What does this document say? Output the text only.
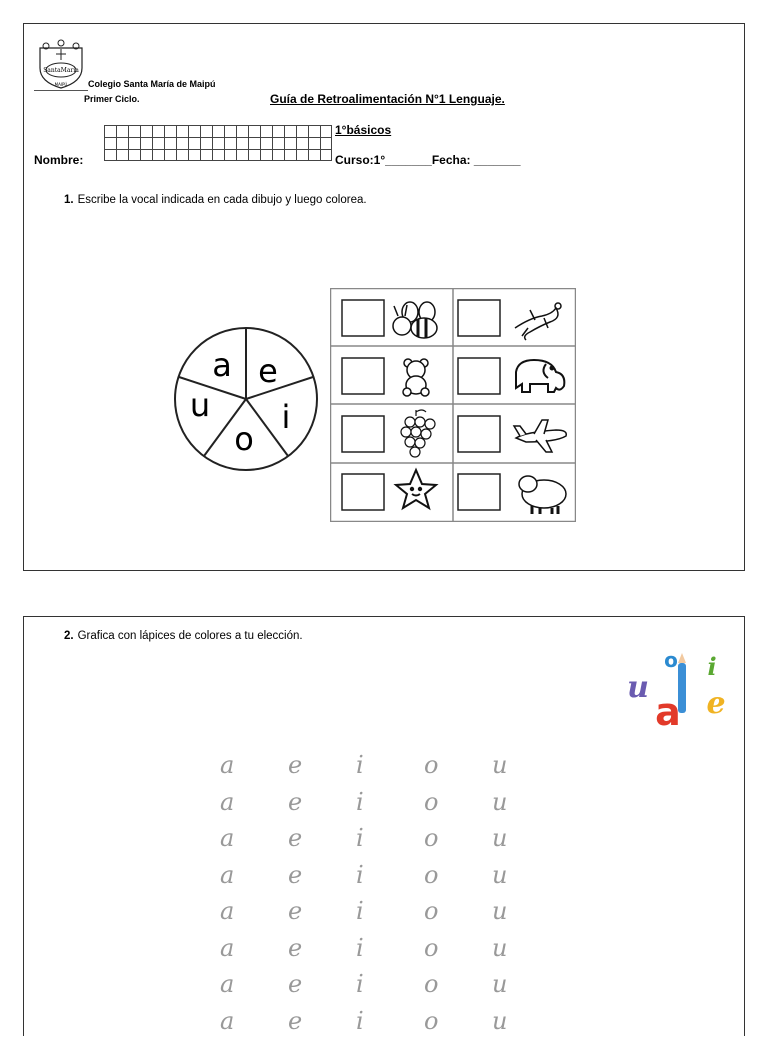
SantaMaria
MAIPÚ Colegio Santa María de Maipú
Primer Ciclo.	Guía de Retroalimentación N°1 Lenguaje.
1°básicos
Nombre:	Curso:1°_______Fecha: _______
1. Escribe la vocal indicada en cada dibujo y luego colorea.
a e
i
o
u
2. Grafica con lápices de colores a tu elección.
u
o
a
i
e
a	e	i	o	u
a	e	i	o	u
a	e	i	o	u
a	e	i	o	u
a	e	i	o	u
a	e	i	o	u
a	e	i	o	u
a	e	i	o	u
